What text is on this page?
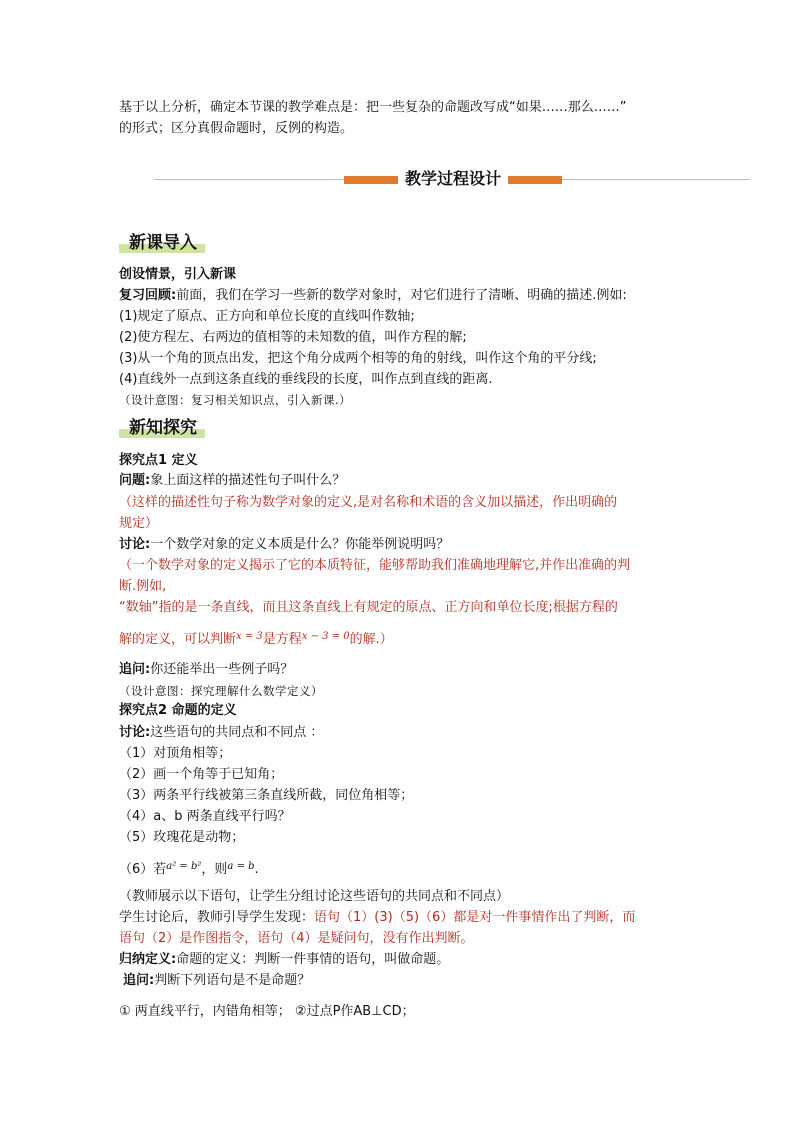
基于以上分析，确定本节课的教学难点是：把一些复杂的命题改写成“如果……那么……”
的形式；区分真假命题时，反例的构造。
教学过程设计
新课导入
创设情景，引入新课
复习回顾:前面，我们在学习一些新的数学对象时，对它们进行了清晰、明确的描述.例如:
(1)规定了原点、正方向和单位长度的直线叫作数轴;
(2)使方程左、右两边的值相等的未知数的值，叫作方程的解;
(3)从一个角的顶点出发，把这个角分成两个相等的角的射线，叫作这个角的平分线;
(4)直线外一点到这条直线的垂线段的长度，叫作点到直线的距离.
（设计意图：复习相关知识点，引入新课.）
新知探究
探究点1 定义
问题:象上面这样的描述性句子叫什么？
（这样的描述性句子称为数学对象的定义,是对名称和术语的含义加以描述，作出明确的
规定）
讨论:一个数学对象的定义本质是什么？你能举例说明吗？
（一个数学对象的定义揭示了它的本质特征，能够帮助我们准确地理解它,并作出准确的判
断.例如,
“数轴”指的是一条直线，而且这条直线上有规定的原点、正方向和单位长度;根据方程的
解的定义，可以判断$^{x = 3}$是方程$^{x - 3 = 0}$的解.）
追问:你还能举出一些例子吗？
（设计意图：探究理解什么数学定义）
探究点2 命题的定义
讨论:这些语句的共同点和不同点 ：
（1）对顶角相等；
（2）画一个角等于已知角；
（3）两条平行线被第三条直线所截，同位角相等；
（4）a、b 两条直线平行吗？
（5）玫瑰花是动物；
（6）若$^{a^2 = b^2}$，则$^{a = b}$.
（教师展示以下语句，让学生分组讨论这些语句的共同点和不同点）
学生讨论后，教师引导学生发现：语句（1）(3)（5)（6）都是对一件事情作出了判断，而
语句（2）是作图指令，语句（4）是疑问句，没有作出判断。
归纳定义:命题的定义：判断一件事情的语句，叫做命题。
追问:判断下列语句是不是命题？
① 两直线平行，内错角相等； ②过点P作AB⊥CD；
